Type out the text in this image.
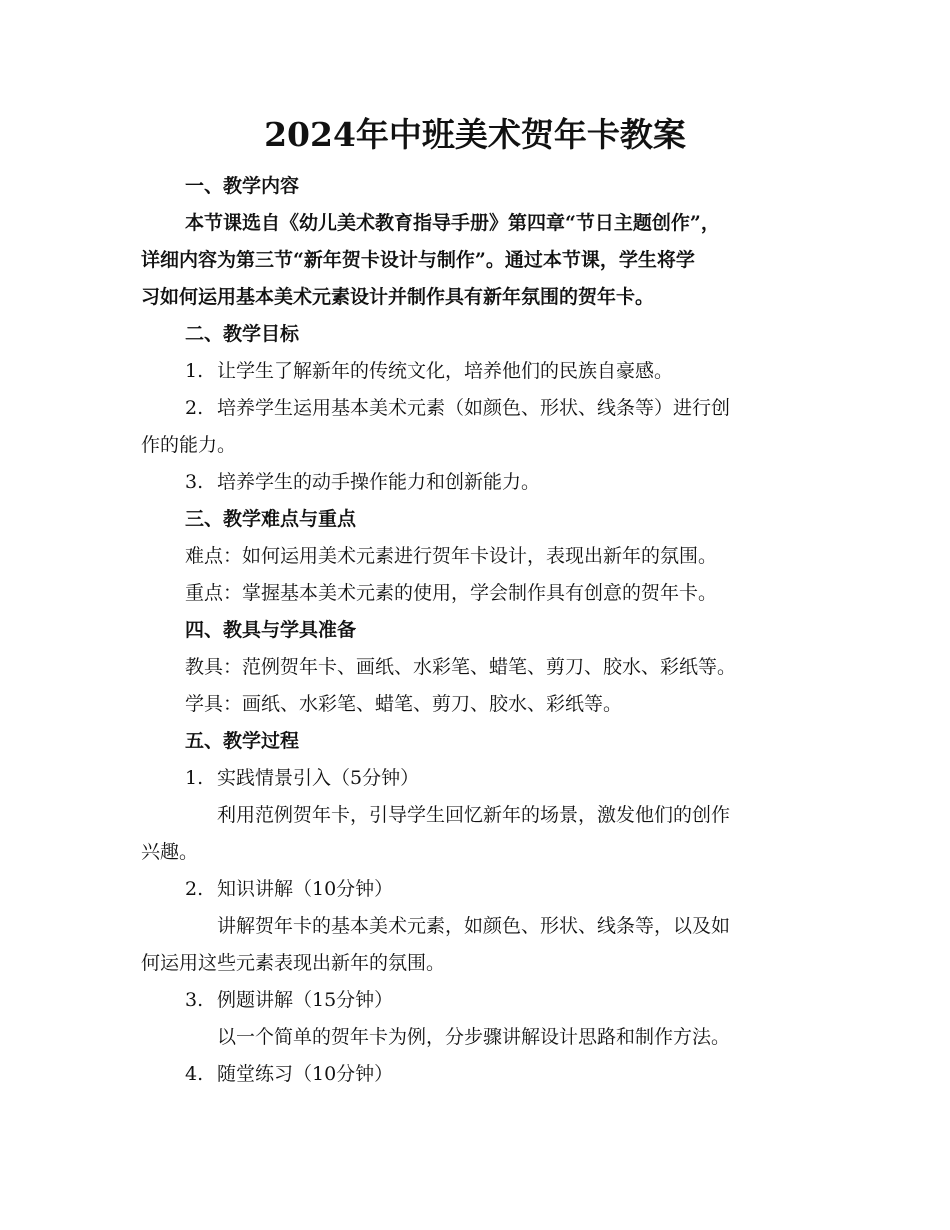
2024年中班美术贺年卡教案
一、教学内容
本节课选自《幼儿美术教育指导手册》第四章“节日主题创作”，
详细内容为第三节“新年贺卡设计与制作”。通过本节课，学生将学
习如何运用基本美术元素设计并制作具有新年氛围的贺年卡。
二、教学目标
1. 让学生了解新年的传统文化，培养他们的民族自豪感。
2. 培养学生运用基本美术元素（如颜色、形状、线条等）进行创
作的能力。
3. 培养学生的动手操作能力和创新能力。
三、教学难点与重点
难点：如何运用美术元素进行贺年卡设计，表现出新年的氛围。
重点：掌握基本美术元素的使用，学会制作具有创意的贺年卡。
四、教具与学具准备
教具：范例贺年卡、画纸、水彩笔、蜡笔、剪刀、胶水、彩纸等。
学具：画纸、水彩笔、蜡笔、剪刀、胶水、彩纸等。
五、教学过程
1. 实践情景引入（5分钟）
利用范例贺年卡，引导学生回忆新年的场景，激发他们的创作
兴趣。
2. 知识讲解（10分钟）
讲解贺年卡的基本美术元素，如颜色、形状、线条等，以及如
何运用这些元素表现出新年的氛围。
3. 例题讲解（15分钟）
以一个简单的贺年卡为例，分步骤讲解设计思路和制作方法。
4. 随堂练习（10分钟）
